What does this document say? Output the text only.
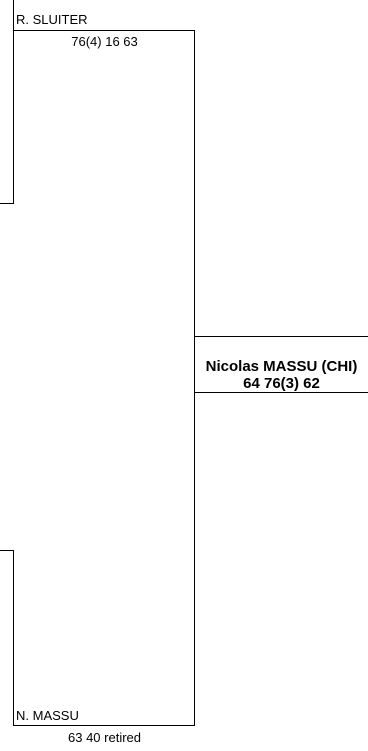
R. SLUITER
76(4) 16 63
Nicolas MASSU (CHI)
64 76(3) 62
N. MASSU
63 40 retired
